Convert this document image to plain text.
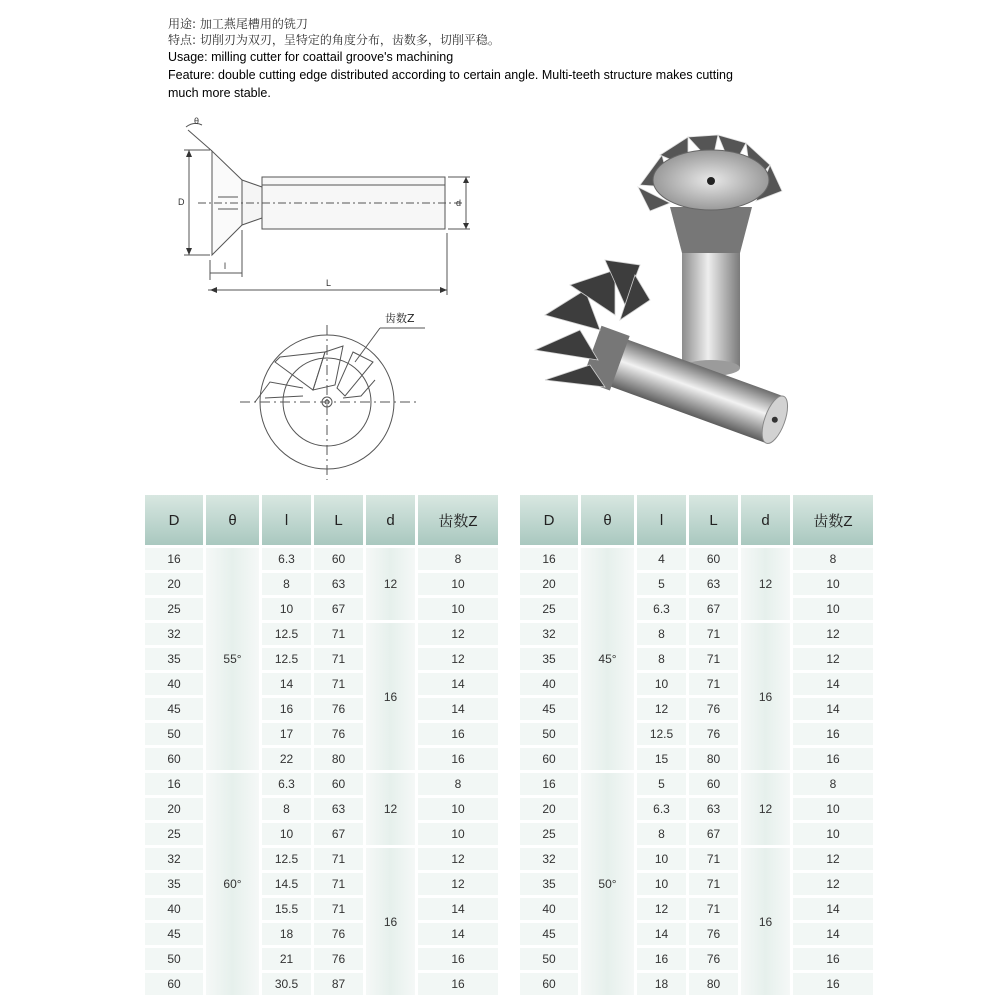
用途: 加工燕尾槽用的铣刀

特点: 切削刃为双刃，呈特定的角度分布，齿数多，切削平稳。

Usage: milling cutter for coattail groove's machining

Feature: double cutting edge distributed according to certain angle. Multi-teeth structure makes cutting

much more stable.

θ
D	d
l
L
齿数Z
D	θ	l	L	d	齿数Z
16	55°	6.3	60	12	8
20		8	63		10
25		10	67		10
32		12.5	71	16	12
35		12.5	71		12
40		14	71		14
45		16	76		14
50		17	76		16
60		22	80		16
16	60°	6.3	60	12	8
20		8	63		10
25		10	67		10
32		12.5	71	16	12
35		14.5	71		12
40		15.5	71		14
45		18	76		14
50		21	76		16
60		30.5	87		16
D	θ	l	L	d	齿数Z
16	45°	4	60	12	8
20		5	63		10
25		6.3	67		10
32		8	71	16	12
35		8	71		12
40		10	71		14
45		12	76		14
50		12.5	76		16
60		15	80		16
16	50°	5	60	12	8
20		6.3	63		10
25		8	67		10
32		10	71	16	12
35		10	71		12
40		12	71		14
45		14	76		14
50		16	76		16
60		18	80		16
